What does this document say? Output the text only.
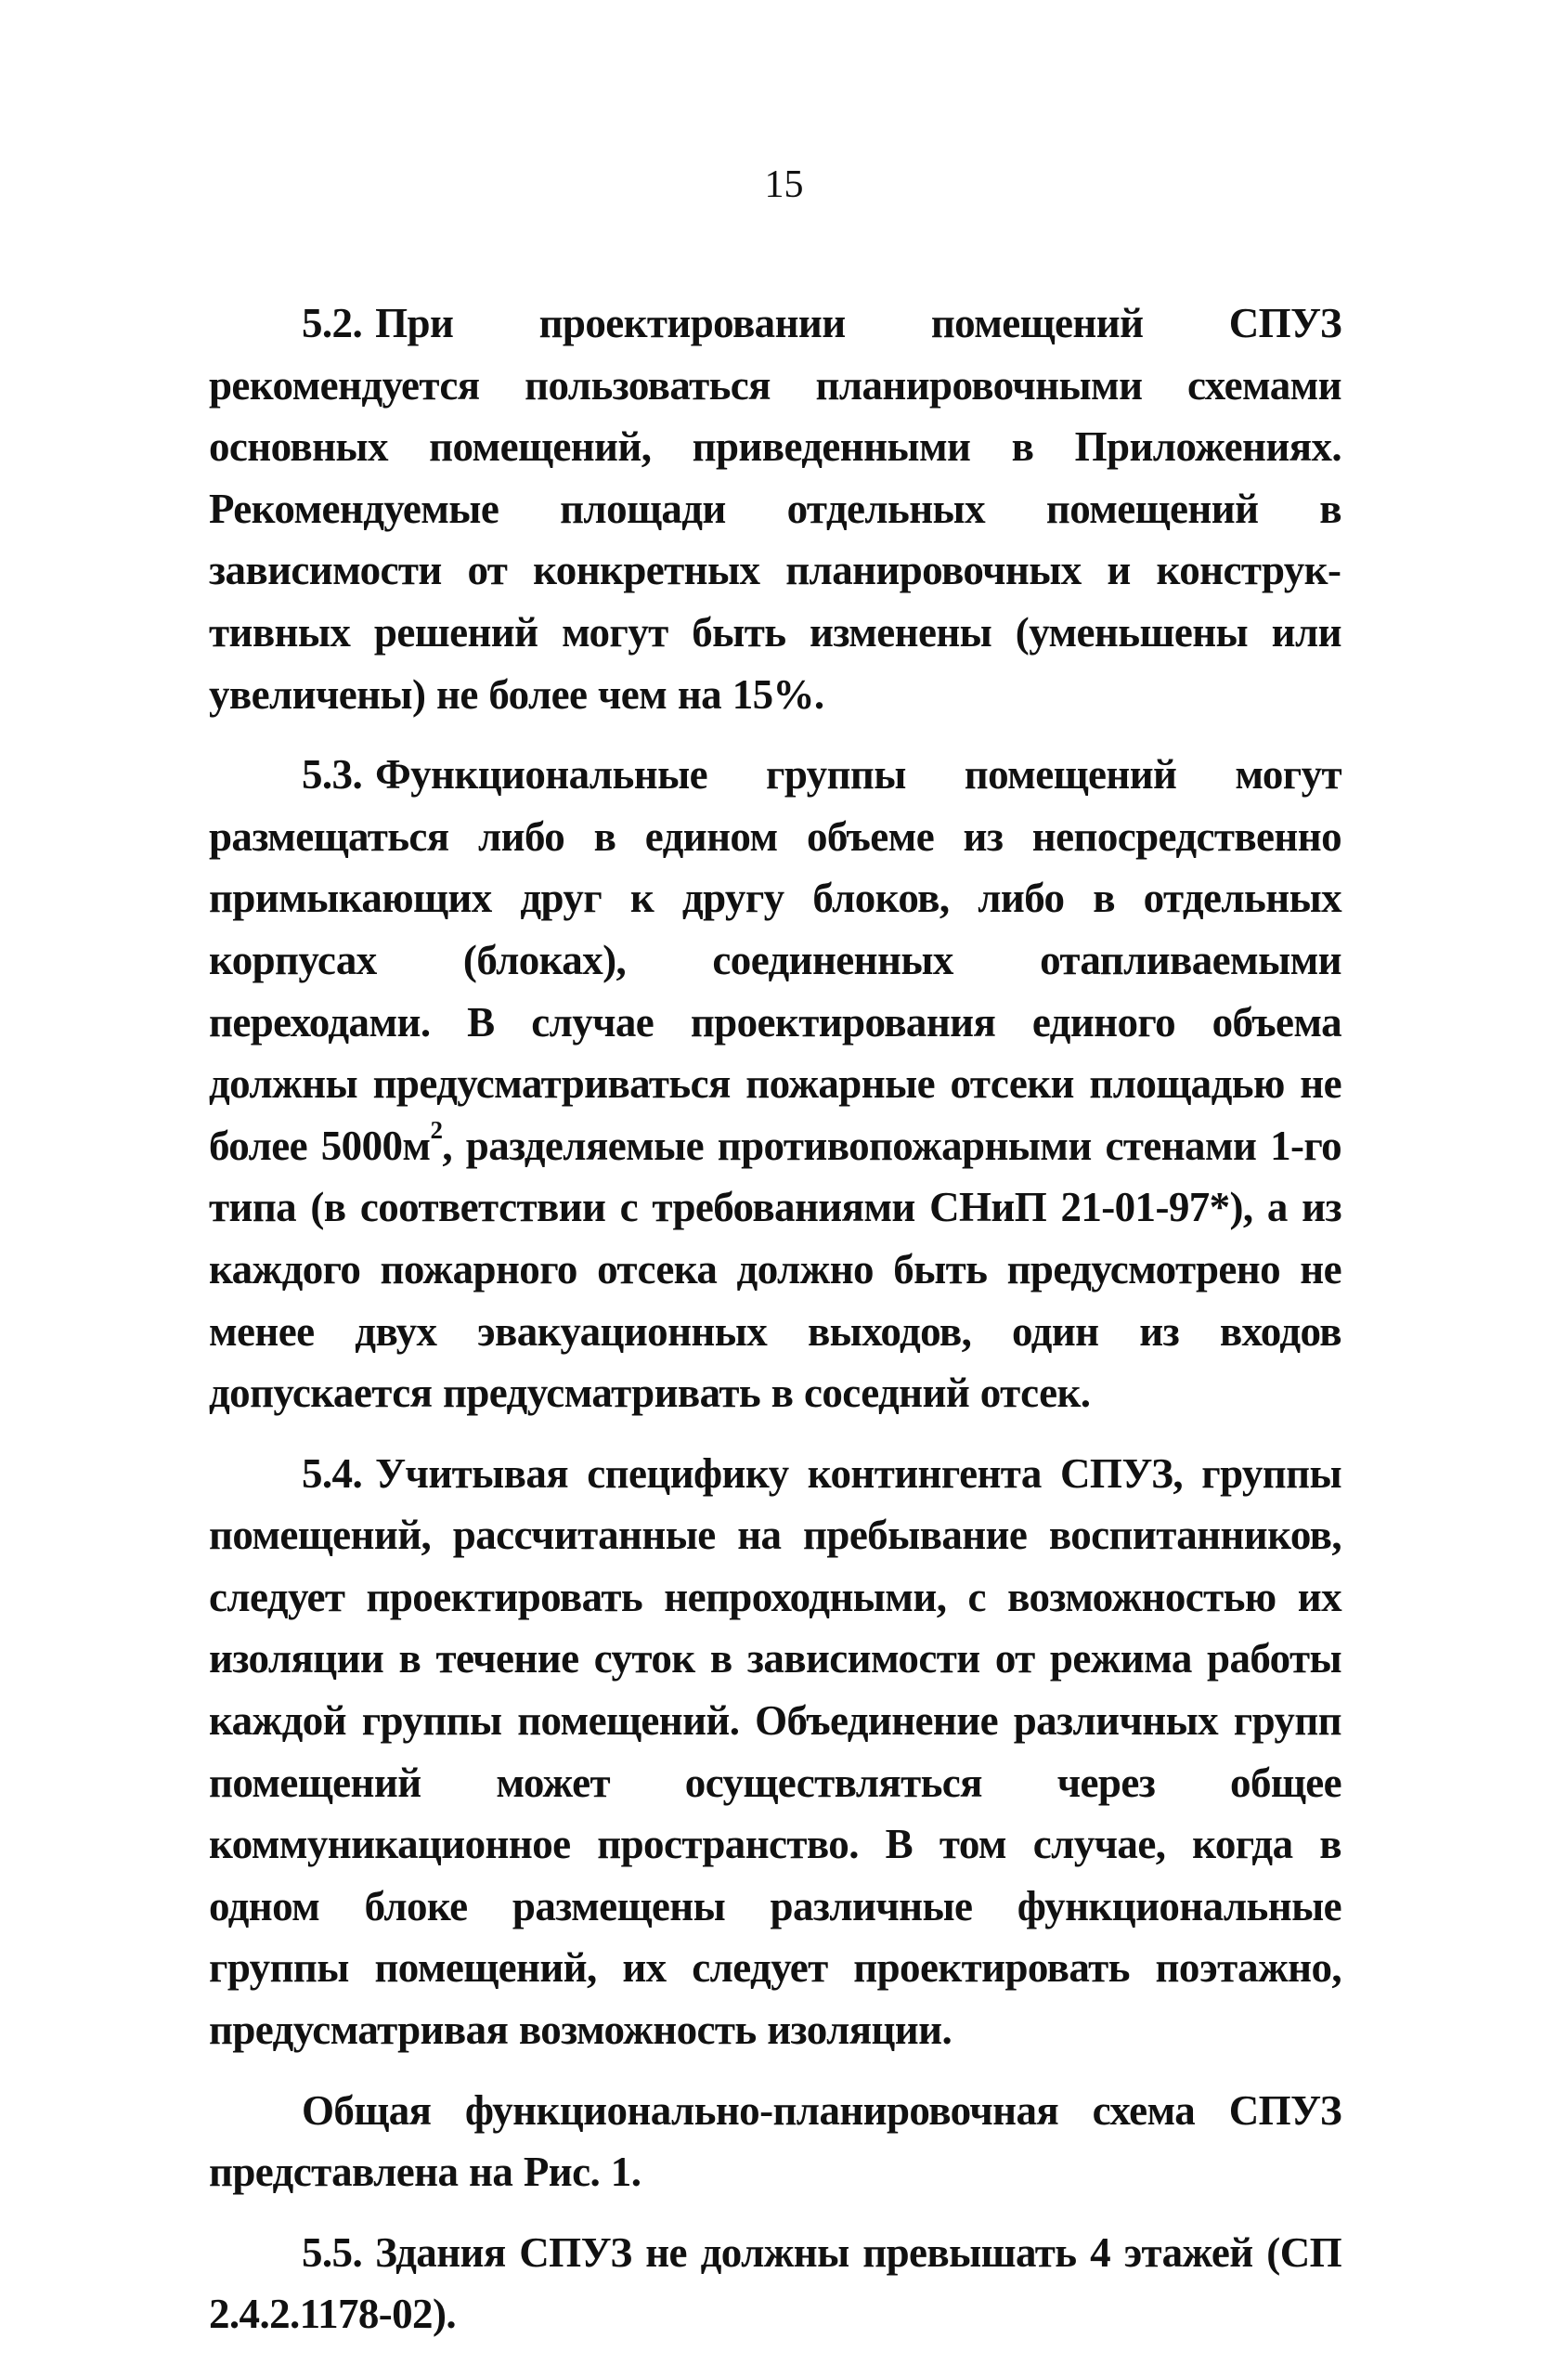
15

5.2. При проектировании помещений СПУЗ рекомендуется пользоваться планировочными схемами основных помещений, приведенными в Приложениях. Рекомендуемые площади отдельных помещений в зависимости от конкретных планировочных и конструктивных решений могут быть изменены (уменьшены или увеличены) не более чем на 15%.

5.3. Функциональные группы помещений могут размещаться либо в едином объеме из непосредственно примыкающих друг к другу блоков, либо в отдельных корпусах (блоках), соединенных отапливаемыми переходами. В случае проектирования единого объема должны предусматриваться пожарные отсеки площадью не более $5000м^2$, разделяемые противопожарными стенами 1-го типа (в соответствии с требованиями СНиП 21-01-97*), а из каждого пожарного отсека должно быть предусмотрено не менее двух эвакуационных выходов, один из входов допускается предусматривать в соседний отсек.

5.4. Учитывая специфику контингента СПУЗ, группы помещений, рассчитанные на пребывание воспитанников, следует проектировать непроходными, с возможностью их изоляции в течение суток в зависимости от режима работы каждой группы помещений. Объединение различных групп помещений может осуществляться через общее коммуникационное пространство. В том случае, когда в одном блоке размещены различные функциональные группы помещений, их следует проектировать поэтажно, предусматривая возможность изоляции.

Общая функционально-планировочная схема СПУЗ представлена на Рис. 1.

5.5. Здания СПУЗ не должны превышать 4 этажей (СП 2.4.2.1178-02).
